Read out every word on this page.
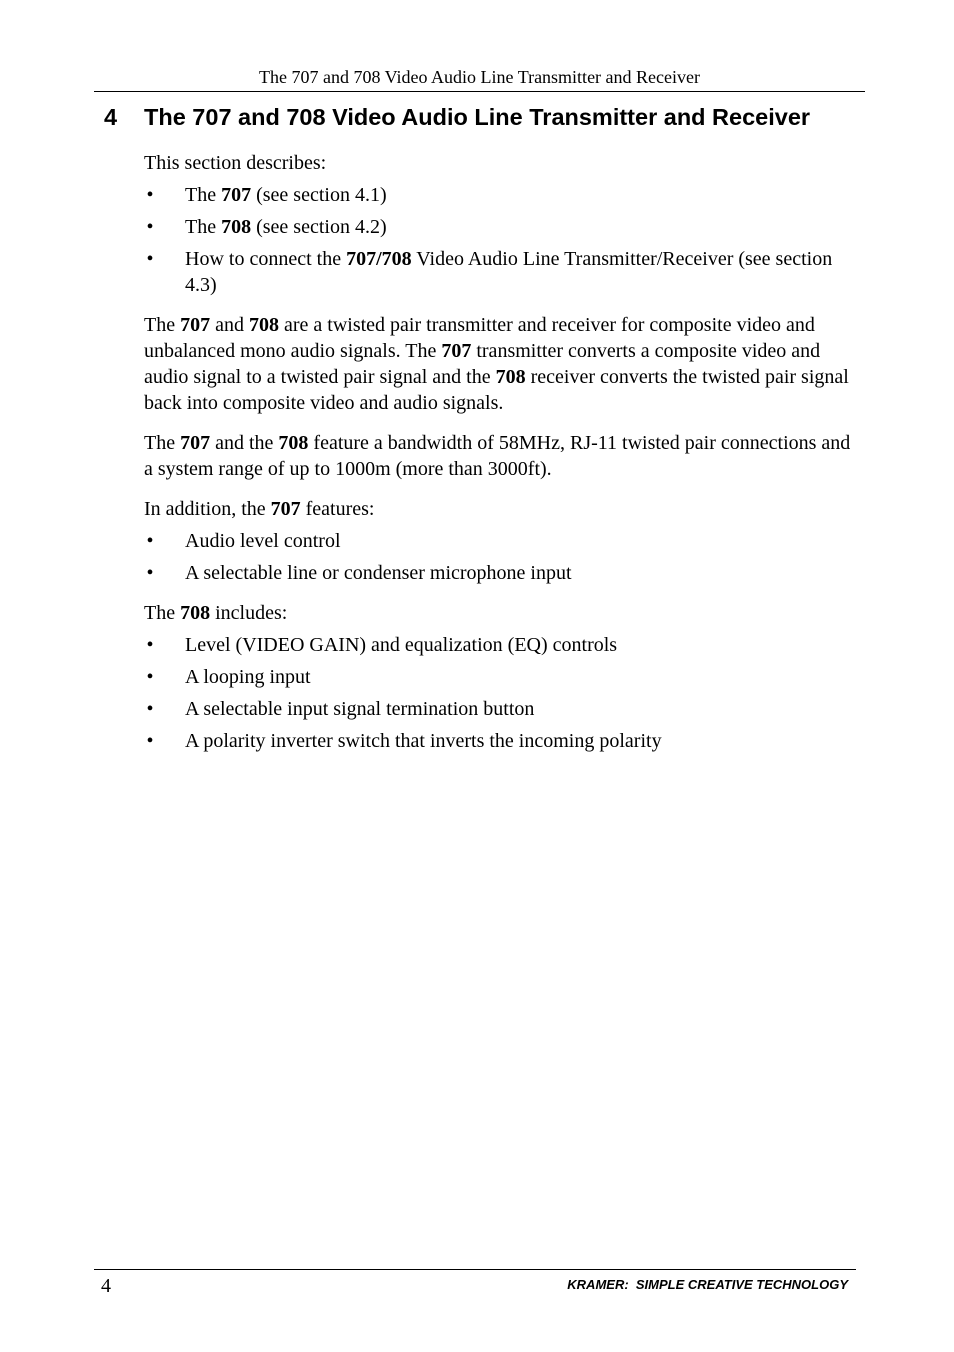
The 707 and 708 Video Audio Line Transmitter and Receiver
4 The 707 and 708 Video Audio Line Transmitter and Receiver

This section describes:

• The 707 (see section 4.1)
• The 708 (see section 4.2)
• How to connect the 707/708 Video Audio Line Transmitter/Receiver (see section 4.3)

The 707 and 708 are a twisted pair transmitter and receiver for composite video and unbalanced mono audio signals. The 707 transmitter converts a composite video and audio signal to a twisted pair signal and the 708 receiver converts the twisted pair signal back into composite video and audio signals.

The 707 and the 708 feature a bandwidth of 58MHz, RJ-11 twisted pair connections and a system range of up to 1000m (more than 3000ft).

In addition, the 707 features:

• Audio level control
• A selectable line or condenser microphone input

The 708 includes:

• Level (VIDEO GAIN) and equalization (EQ) controls
• A looping input
• A selectable input signal termination button
• A polarity inverter switch that inverts the incoming polarity
4	KRAMER:  SIMPLE CREATIVE TECHNOLOGY
